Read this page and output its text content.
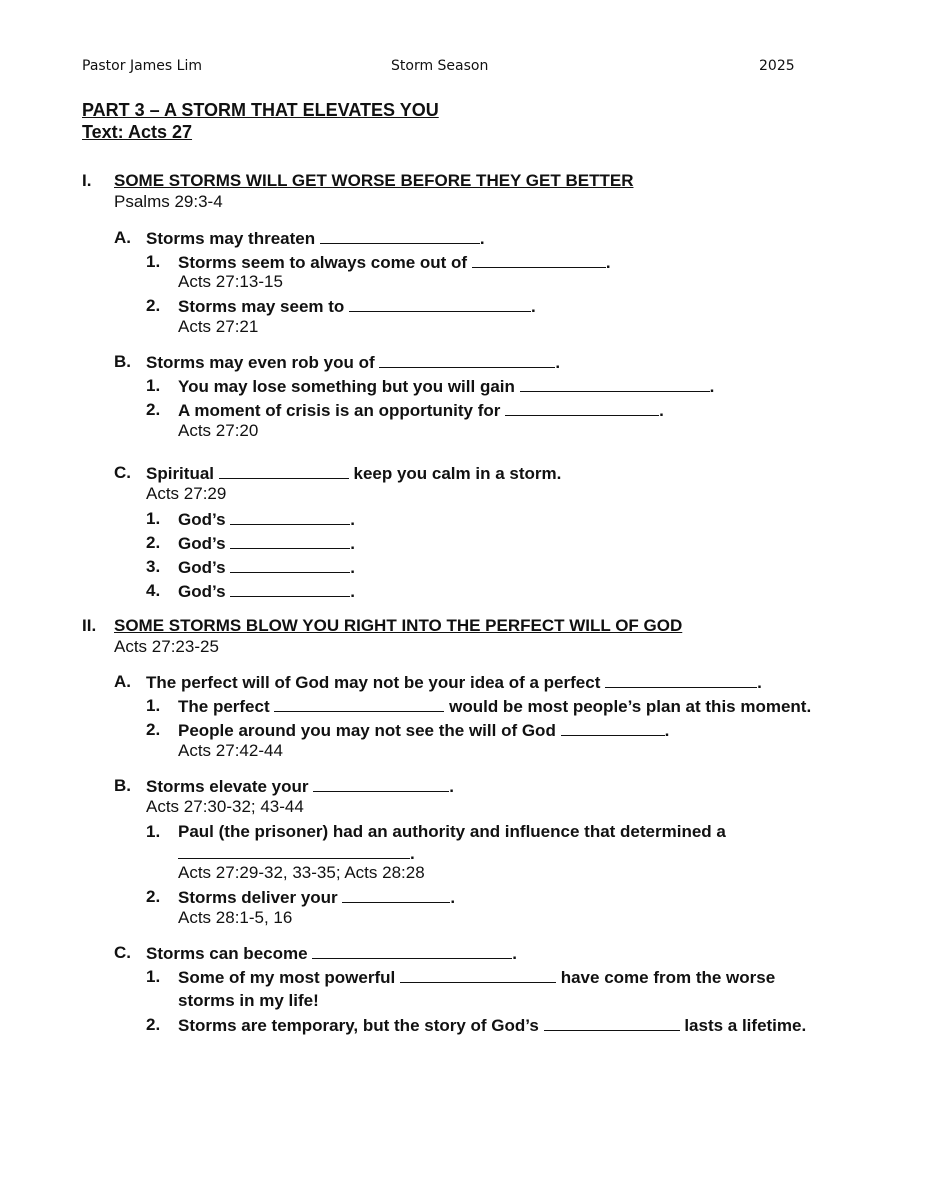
Pastor James Lim	Storm Season	2025
PART 3 – A STORM THAT ELEVATES YOU
Text: Acts 27
I. SOME STORMS WILL GET WORSE BEFORE THEY GET BETTER
Psalms 29:3-4
A. Storms may threaten	.
1. Storms seem to always come out of	.
Acts 27:13-15
2. Storms may seem to	.
Acts 27:21
B. Storms may even rob you of	.
1. You may lose something but you will gain	.
2. A moment of crisis is an opportunity for	.
Acts 27:20
C. Spiritual	keep you calm in a storm.
Acts 27:29
1. God’s	.
2. God’s	.
3. God’s	.
4. God’s	.
II. SOME STORMS BLOW YOU RIGHT INTO THE PERFECT WILL OF GOD
Acts 27:23-25
A. The perfect will of God may not be your idea of a perfect	.
1. The perfect	would be most people’s plan at this moment.
2. People around you may not see the will of God	.
Acts 27:42-44
B. Storms elevate your	.
Acts 27:30-32; 43-44
1. Paul (the prisoner) had an authority and influence that determined a
.
Acts 27:29-32, 33-35; Acts 28:28
2. Storms deliver your	.
Acts 28:1-5, 16
C. Storms can become	.
1. Some of my most powerful	have come from the worse
storms in my life!
2. Storms are temporary, but the story of God’s	lasts a lifetime.
